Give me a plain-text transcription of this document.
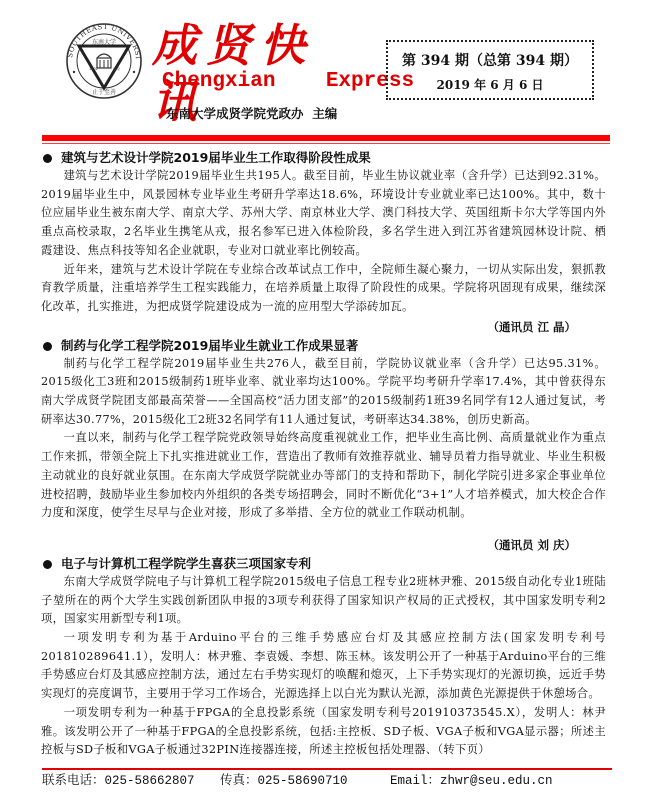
SOUTHEAST UNIVERSI
东南大学
1902	南京
止于至善
成贤快讯
Chengxian    Express
东南大学成贤学院党政办  主编
第 394 期（总第 394 期）
2019 年 6 月 6 日
建筑与艺术设计学院2019届毕业生工作取得阶段性成果

建筑与艺术设计学院2019届毕业生共195人。截至目前，毕业生协议就业率（含升学）已达到92.31%。2019届毕业生中，风景园林专业毕业生考研升学率达18.6%，环境设计专业就业率已达100%。其中，数十位应届毕业生被东南大学、南京大学、苏州大学、南京林业大学、澳门科技大学、英国纽斯卡尔大学等国内外重点高校录取，2名毕业生携笔从戎，报名参军已进入体检阶段，多名学生进入到江苏省建筑园林设计院、栖霞建设、焦点科技等知名企业就职，专业对口就业率比例较高。

近年来，建筑与艺术设计学院在专业综合改革试点工作中，全院师生凝心聚力，一切从实际出发，狠抓教育教学质量，注重培养学生工程实践能力，在培养质量上取得了阶段性的成果。学院将巩固现有成果，继续深化改革，扎实推进，为把成贤学院建设成为一流的应用型大学添砖加瓦。

（通讯员 江 晶）
制药与化学工程学院2019届毕业生就业工作成果显著

制药与化学工程学院2019届毕业生共276人，截至目前，学院协议就业率（含升学）已达95.31%。2015级化工3班和2015级制药1班毕业率、就业率均达100%。学院平均考研升学率17.4%，其中曾获得东南大学成贤学院团支部最高荣誉——全国高校“活力团支部”的2015级制药1班39名同学有12人通过复试，考研率达30.77%，2015级化工2班32名同学有11人通过复试，考研率达34.38%，创历史新高。

一直以来，制药与化学工程学院党政领导始终高度重视就业工作，把毕业生高比例、高质量就业作为重点工作来抓，带领全院上下扎实推进就业工作，营造出了教师有效推荐就业、辅导员着力指导就业、毕业生积极主动就业的良好就业氛围。在东南大学成贤学院就业办等部门的支持和帮助下，制化学院引进多家企事业单位进校招聘，鼓励毕业生参加校内外组织的各类专场招聘会，同时不断优化“3+1”人才培养模式，加大校企合作力度和深度，使学生尽早与企业对接，形成了多举措、全方位的就业工作联动机制。

（通讯员 刘 庆）
电子与计算机工程学院学生喜获三项国家专利

东南大学成贤学院电子与计算机工程学院2015级电子信息工程专业2班林尹雅、2015级自动化专业1班陆子堃所在的两个大学生实践创新团队申报的3项专利获得了国家知识产权局的正式授权，其中国家发明专利2项，国家实用新型专利1项。

一项发明专利为基于Arduino平台的三维手势感应台灯及其感应控制方法(国家发明专利号201810289641.1），发明人：林尹雅、李袁媛、李想、陈玉林。该发明公开了一种基于Arduino平台的三维手势感应台灯及其感应控制方法，通过左右手势实现灯的唤醒和熄灭，上下手势实现灯的光源切换，远近手势实现灯的亮度调节，主要用于学习工作场合，光源选择上以白光为默认光源，添加黄色光源提供于休憩场合。

一项发明专利为一种基于FPGA的全息投影系统（国家发明专利号201910373545.X），发明人：林尹雅。该发明公开了一种基于FPGA的全息投影系统，包括:主控板、SD子板、VGA子板和VGA显示器；所述主控板与SD子板和VGA子板通过32PIN连接器连接，所述主控板包括处理器、（转下页）

联系电话：025-58662807 传真：025-58690710	Email：zhwr@seu.edu.cn
